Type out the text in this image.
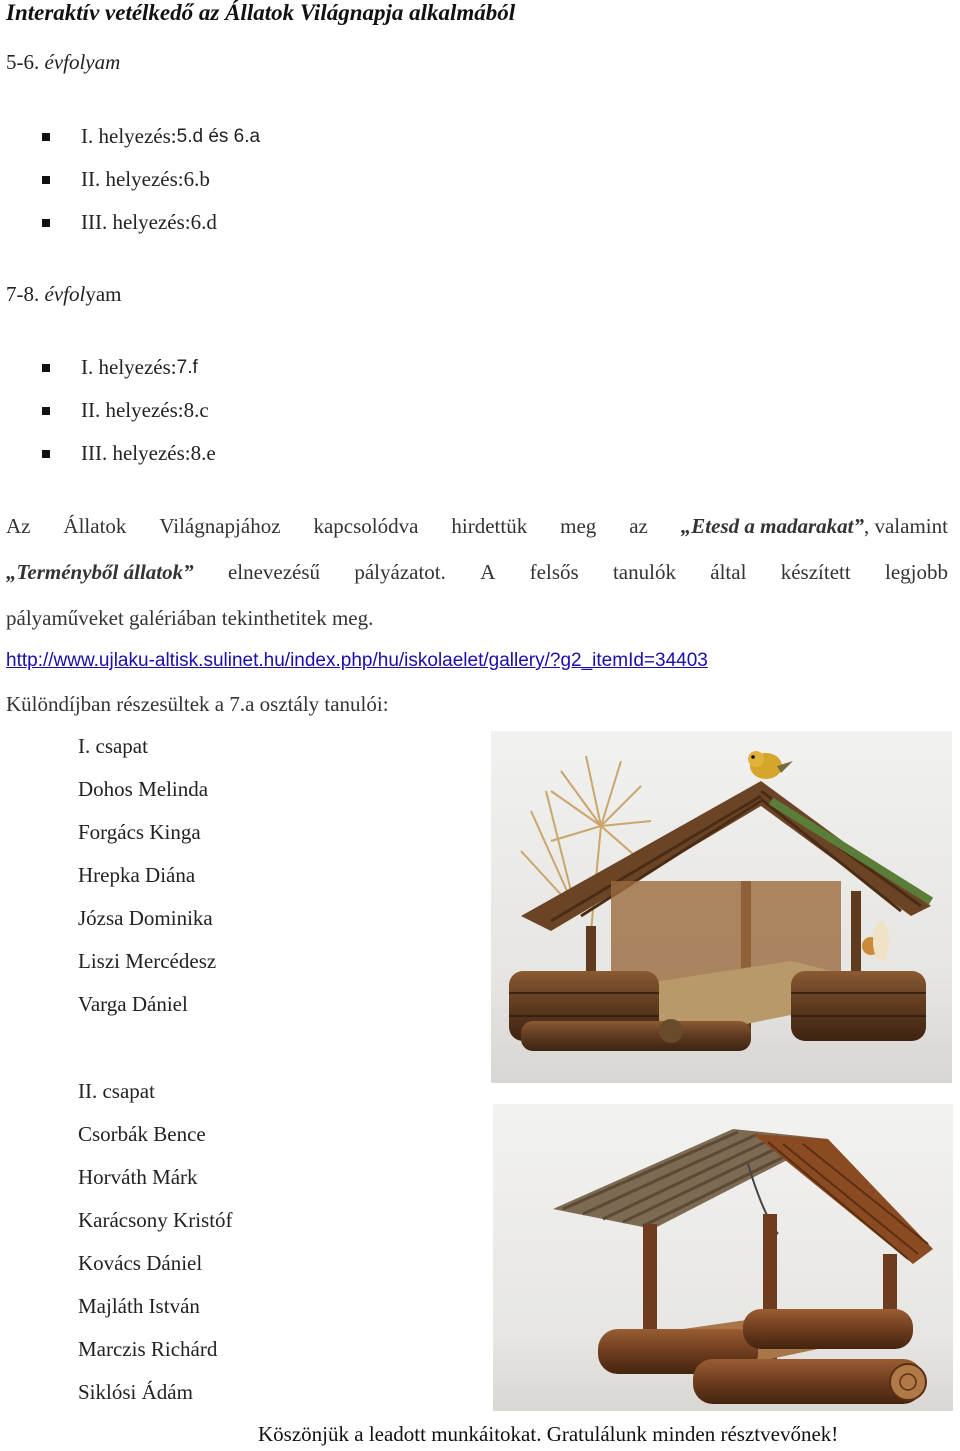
Interaktív vetélkedő az Állatok Világnapja alkalmából
5-6. évfolyam
I. helyezés: 5.d és 6.a
II. helyezés: 6.b
III. helyezés: 6.d
7-8. évfolyam
I. helyezés: 7.f
II. helyezés: 8.c
III. helyezés: 8.e
Az Állatok Világnapjához kapcsolódva hirdettük meg az „Etesd a madarakat”, valamint
„Terményből állatok” elnevezésű pályázatot. A felsős tanulók által készített legjobb
pályaműveket galériában tekinthetitek meg.
http://www.ujlaku-altisk.sulinet.hu/index.php/hu/iskolaelet/gallery/?g2_itemId=34403
Különdíjban részesültek a 7.a osztály tanulói:
I. csapat
Dohos Melinda
Forgács Kinga
Hrepka Diána
Józsa Dominika
Liszi Mercédesz
Varga Dániel
II. csapat
Csorbák Bence
Horváth Márk
Karácsony Kristóf
Kovács Dániel
Majláth István
Marczis Richárd
Siklósi Ádám
Köszönjük a leadott munkáitokat. Gratulálunk minden résztvevőnek!
